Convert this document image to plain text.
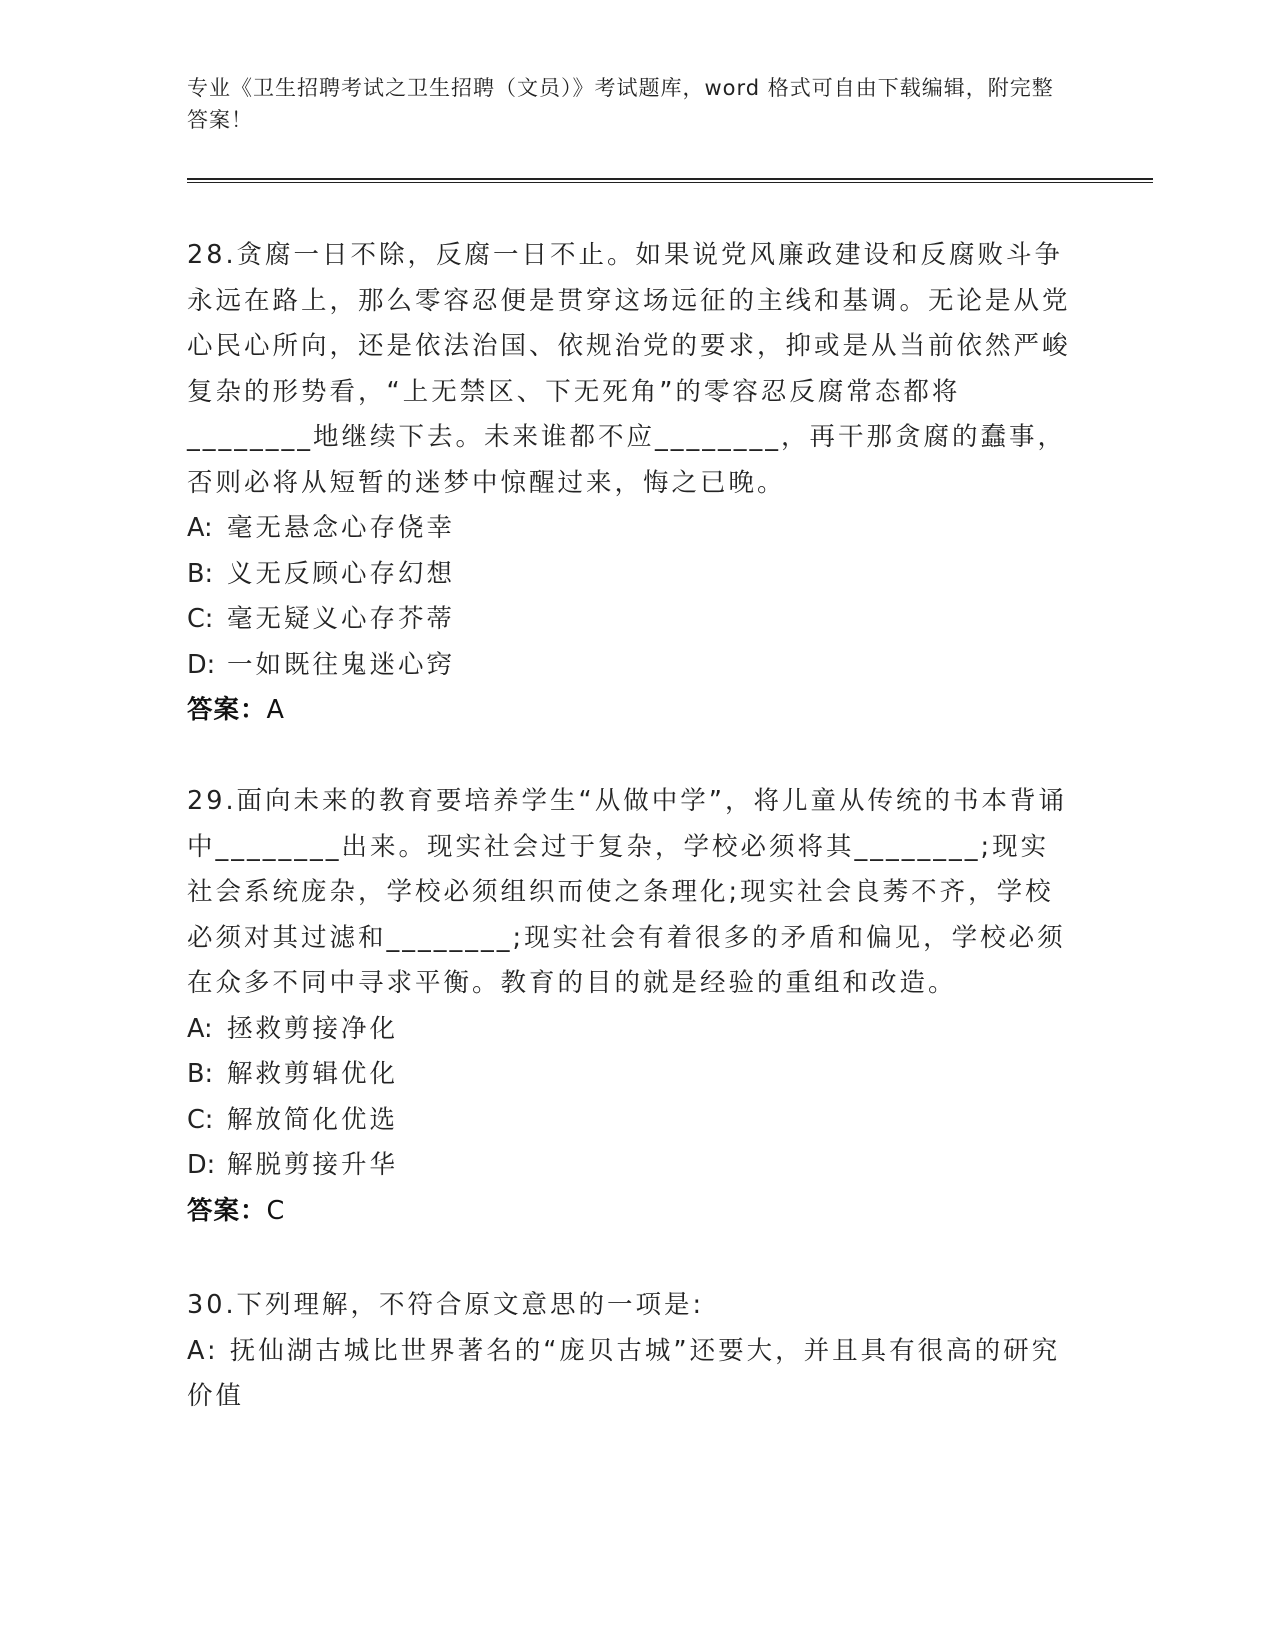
专业《卫生招聘考试之卫生招聘（文员）》考试题库，word 格式可自由下载编辑，附完整答案！

28.贪腐一日不除，反腐一日不止。如果说党风廉政建设和反腐败斗争永远在路上，那么零容忍便是贯穿这场远征的主线和基调。无论是从党心民心所向，还是依法治国、依规治党的要求，抑或是从当前依然严峻复杂的形势看，“上无禁区、下无死角”的零容忍反腐常态都将________地继续下去。未来谁都不应________，再干那贪腐的蠢事，否则必将从短暂的迷梦中惊醒过来，悔之已晚。

A: 毫无悬念心存侥幸

B: 义无反顾心存幻想

C: 毫无疑义心存芥蒂

D: 一如既往鬼迷心窍

答案：A

29.面向未来的教育要培养学生“从做中学”，将儿童从传统的书本背诵中________出来。现实社会过于复杂，学校必须将其________;现实社会系统庞杂，学校必须组织而使之条理化;现实社会良莠不齐，学校必须对其过滤和________;现实社会有着很多的矛盾和偏见，学校必须在众多不同中寻求平衡。教育的目的就是经验的重组和改造。

A: 拯救剪接净化

B: 解救剪辑优化

C: 解放简化优选

D: 解脱剪接升华

答案：C

30.下列理解，不符合原文意思的一项是:

A: 抚仙湖古城比世界著名的“庞贝古城”还要大，并且具有很高的研究价值
